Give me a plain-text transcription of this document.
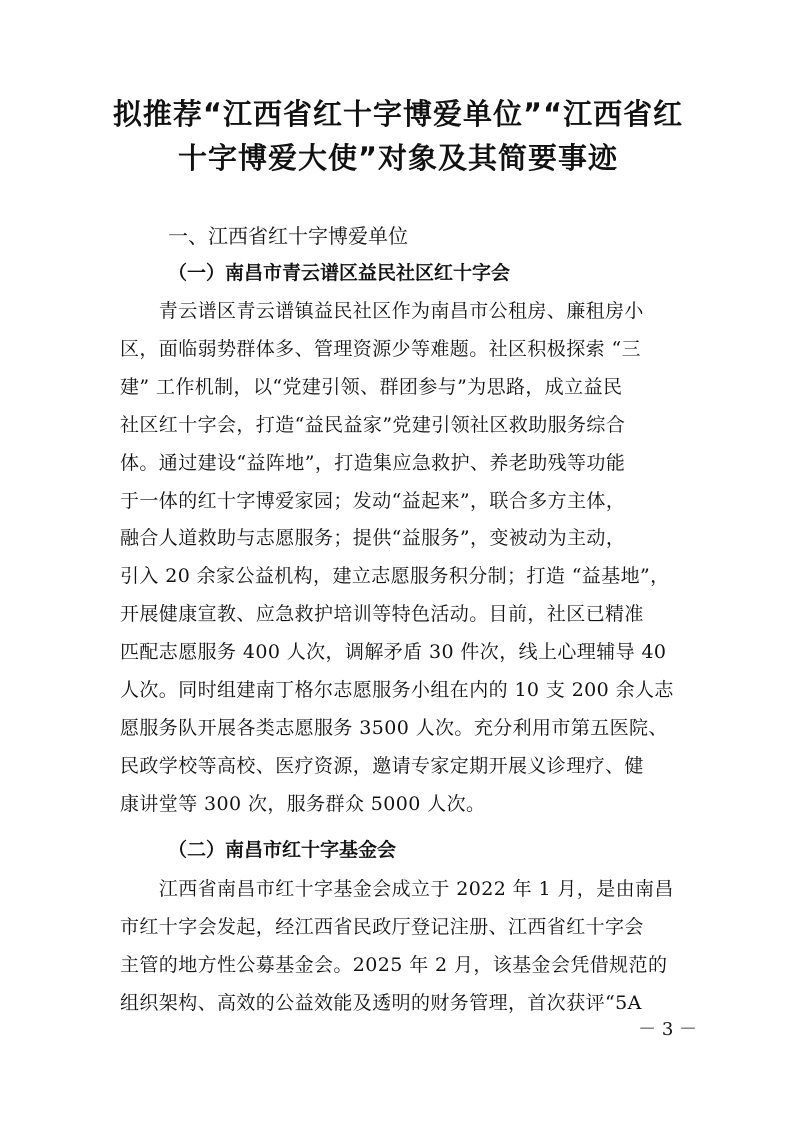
拟推荐“江西省红十字博爱单位”“江西省红
十字博爱大使”对象及其简要事迹
一、江西省红十字博爱单位
（一）南昌市青云谱区益民社区红十字会
　　青云谱区青云谱镇益民社区作为南昌市公租房、廉租房小
区，面临弱势群体多、管理资源少等难题。社区积极探索 “三
建” 工作机制，以“党建引领、群团参与”为思路，成立益民
社区红十字会，打造“益民益家”党建引领社区救助服务综合
体。通过建设“益阵地”，打造集应急救护、养老助残等功能
于一体的红十字博爱家园；发动“益起来”，联合多方主体，
融合人道救助与志愿服务；提供“益服务”，变被动为主动，
引入 20 余家公益机构，建立志愿服务积分制；打造 “益基地”，
开展健康宣教、应急救护培训等特色活动。目前，社区已精准
匹配志愿服务 400 人次，调解矛盾 30 件次，线上心理辅导 40
人次。同时组建南丁格尔志愿服务小组在内的 10 支 200 余人志
愿服务队开展各类志愿服务 3500 人次。充分利用市第五医院、
民政学校等高校、医疗资源，邀请专家定期开展义诊理疗、健
康讲堂等 300 次，服务群众 5000 人次。
（二）南昌市红十字基金会
　　江西省南昌市红十字基金会成立于 2022 年 1 月，是由南昌
市红十字会发起，经江西省民政厅登记注册、江西省红十字会
主管的地方性公募基金会。2025 年 2 月，该基金会凭借规范的
组织架构、高效的公益效能及透明的财务管理，首次获评“5A

－ 3 －
